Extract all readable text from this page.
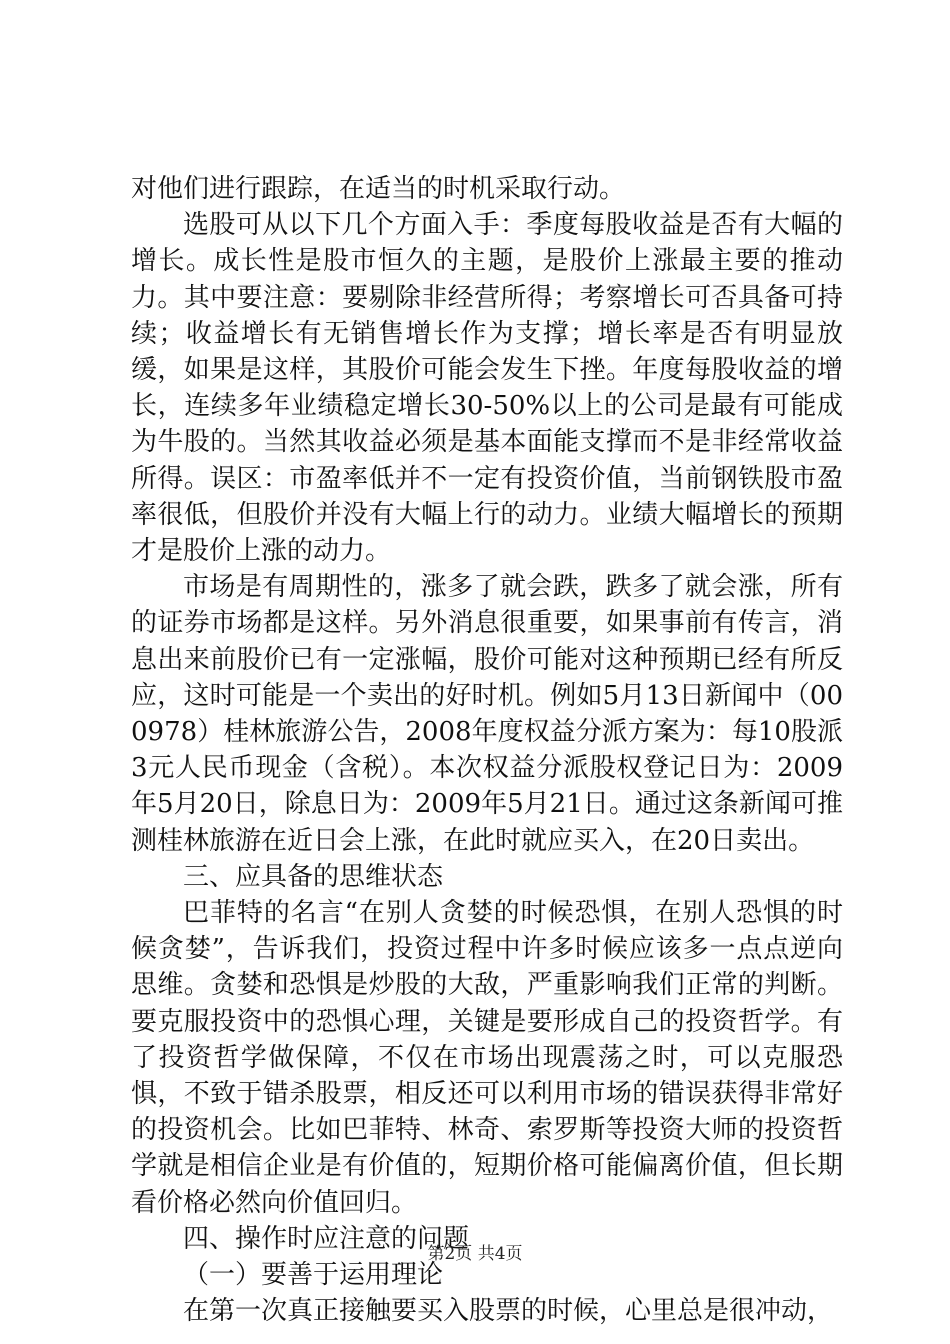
对他们进行跟踪，在适当的时机采取行动。

选股可从以下几个方面入手：季度每股收益是否有大幅的增长。成长性是股市恒久的主题，是股价上涨最主要的推动力。其中要注意：要剔除非经营所得；考察增长可否具备可持续；收益增长有无销售增长作为支撑；增长率是否有明显放缓，如果是这样，其股价可能会发生下挫。年度每股收益的增长，连续多年业绩稳定增长30-50%以上的公司是最有可能成为牛股的。当然其收益必须是基本面能支撑而不是非经常收益所得。误区：市盈率低并不一定有投资价值，当前钢铁股市盈率很低，但股价并没有大幅上行的动力。业绩大幅增长的预期才是股价上涨的动力。

市场是有周期性的，涨多了就会跌，跌多了就会涨，所有的证券市场都是这样。另外消息很重要，如果事前有传言，消息出来前股价已有一定涨幅，股价可能对这种预期已经有所反应，这时可能是一个卖出的好时机。例如5月13日新闻中（000978）桂林旅游公告，2008年度权益分派方案为：每10股派3元人民币现金（含税）。本次权益分派股权登记日为：2009年5月20日，除息日为：2009年5月21日。通过这条新闻可推测桂林旅游在近日会上涨，在此时就应买入，在20日卖出。

三、应具备的思维状态

巴菲特的名言“在别人贪婪的时候恐惧，在别人恐惧的时候贪婪”，告诉我们，投资过程中许多时候应该多一点点逆向思维。贪婪和恐惧是炒股的大敌，严重影响我们正常的判断。要克服投资中的恐惧心理，关键是要形成自己的投资哲学。有了投资哲学做保障，不仅在市场出现震荡之时，可以克服恐惧，不致于错杀股票，相反还可以利用市场的错误获得非常好的投资机会。比如巴菲特、林奇、索罗斯等投资大师的投资哲学就是相信企业是有价值的，短期价格可能偏离价值，但长期看价格必然向价值回归。

四、操作时应注意的问题

（一）要善于运用理论

在第一次真正接触要买入股票的时候，心里总是很冲动，

第2页 共4页
